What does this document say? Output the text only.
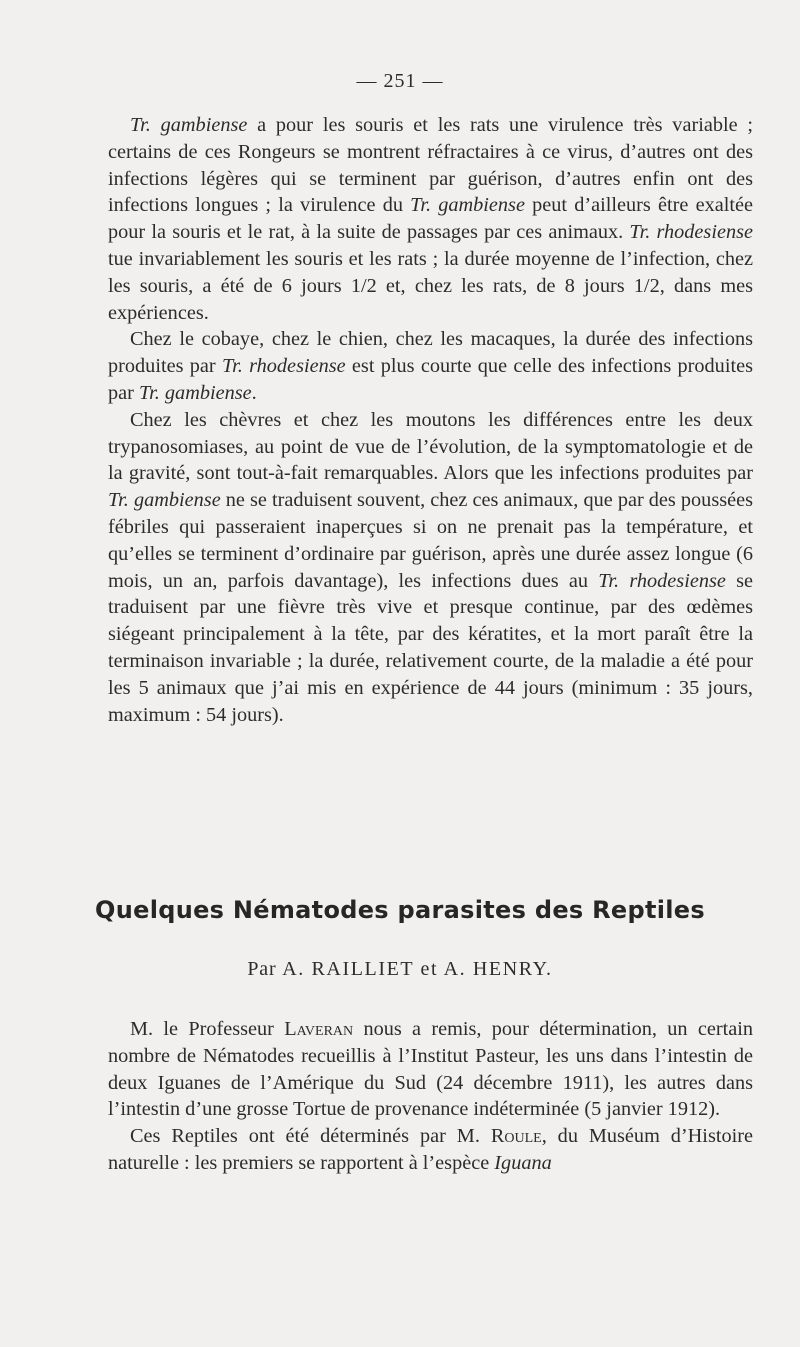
— 251 —

Tr. gambiense a pour les souris et les rats une virulence très variable ; certains de ces Rongeurs se montrent réfractaires à ce virus, d’autres ont des infections légères qui se terminent par guérison, d’autres enfin ont des infections longues ; la virulence du Tr. gambiense peut d’ailleurs être exaltée pour la souris et le rat, à la suite de passages par ces animaux. Tr. rhodesiense tue invariablement les souris et les rats ; la durée moyenne de l’infection, chez les souris, a été de 6 jours 1/2 et, chez les rats, de 8 jours 1/2, dans mes expériences.

Chez le cobaye, chez le chien, chez les macaques, la durée des infections produites par Tr. rhodesiense est plus courte que celle des infections produites par Tr. gambiense.

Chez les chèvres et chez les moutons les différences entre les deux trypanosomiases, au point de vue de l’évolution, de la symptomatologie et de la gravité, sont tout-à-fait remarquables. Alors que les infections produites par Tr. gambiense ne se traduisent souvent, chez ces animaux, que par des poussées fébriles qui passeraient inaperçues si on ne prenait pas la température, et qu’elles se terminent d’ordinaire par guérison, après une durée assez longue (6 mois, un an, parfois davantage), les infections dues au Tr. rhodesiense se traduisent par une fièvre très vive et presque continue, par des œdèmes siégeant principalement à la tête, par des kératites, et la mort paraît être la terminaison invariable ; la durée, relativement courte, de la maladie a été pour les 5 animaux que j’ai mis en expérience de 44 jours (minimum : 35 jours, maximum : 54 jours).

Quelques Nématodes parasites des Reptiles
Par A. RAILLIET et A. HENRY.

M. le Professeur Laveran nous a remis, pour détermination, un certain nombre de Nématodes recueillis à l’Institut Pasteur, les uns dans l’intestin de deux Iguanes de l’Amérique du Sud (24 décembre 1911), les autres dans l’intestin d’une grosse Tortue de provenance indéterminée (5 janvier 1912).

Ces Reptiles ont été déterminés par M. Roule, du Muséum d’Histoire naturelle : les premiers se rapportent à l’espèce Iguana
